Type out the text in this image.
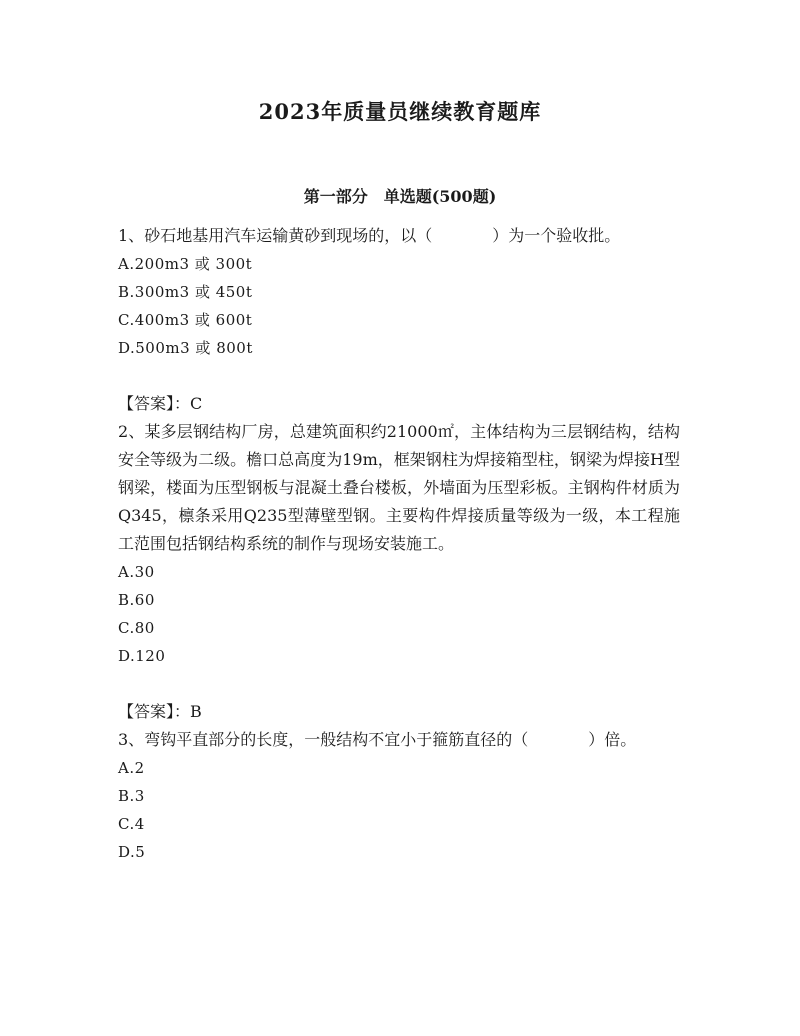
2023年质量员继续教育题库
第一部分　单选题(500题)

1、砂石地基用汽车运输黄砂到现场的，以（	）为一个验收批。

A.200m3 或 300t
B.300m3 或 450t
C.400m3 或 600t
D.500m3 或 800t
【答案】：C

2、某多层钢结构厂房，总建筑面积约21000㎡，主体结构为三层钢结构，结构安全等级为二级。檐口总高度为19m，框架钢柱为焊接箱型柱，钢梁为焊接H型钢梁，楼面为压型钢板与混凝土叠台楼板，外墙面为压型彩板。主钢构件材质为Q345，檩条采用Q235型薄壁型钢。主要构件焊接质量等级为一级，本工程施工范围包括钢结构系统的制作与现场安装施工。

A.30
B.60
C.80
D.120
【答案】：B

3、弯钩平直部分的长度，一般结构不宜小于箍筋直径的（	）倍。

A.2
B.3
C.4
D.5
